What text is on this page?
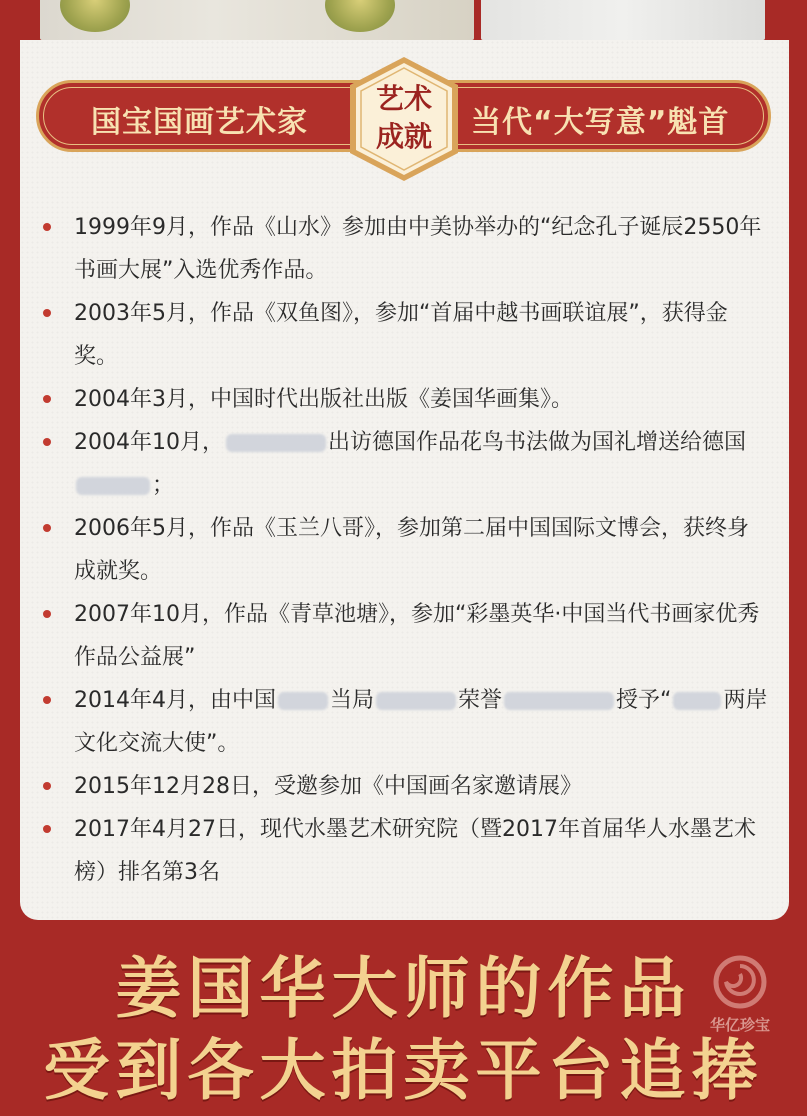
国宝国画艺术家	当代“大写意”魁首
艺术
成就
1999年9月，作品《山水》参加由中美协举办的“纪念孔子诞辰2550年书画大展”入选优秀作品。
2003年5月，作品《双鱼图》，参加“首届中越书画联谊展”，获得金奖。
2004年3月，中国时代出版社出版《姜国华画集》。
2004年10月，	出访德国作品花鸟书法做为国礼增送给德国；
2006年5月，作品《玉兰八哥》，参加第二届中国国际文博会，获终身成就奖。
2007年10月，作品《青草池塘》，参加“彩墨英华·中国当代书画家优秀作品公益展”
2014年4月，由中国 当局	荣誉	授予“ 两岸文化交流大使”。
2015年12月28日，受邀参加《中国画名家邀请展》
2017年4月27日，现代水墨艺术研究院（暨2017年首届华人水墨艺术榜）排名第3名
姜国华大师的作品
受到各大拍卖平台追捧
华亿珍宝
